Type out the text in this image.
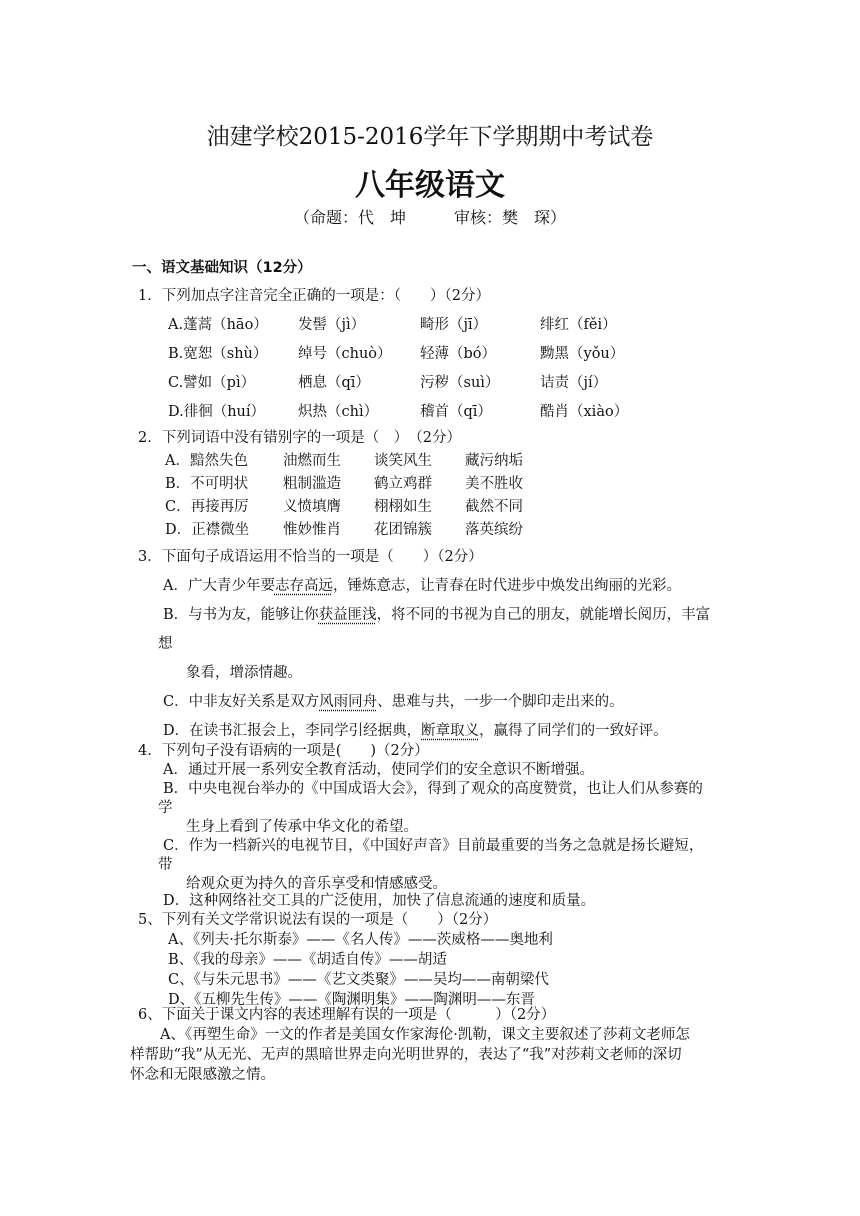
油建学校2015-2016学年下学期期中考试卷
八年级语文
（命题：代　坤　　　审核：樊　琛）
一、语文基础知识（12分）
1．下列加点字注音完全正确的一项是：（　　）（2分）
A.蓬蒿（hāo） 发髻（jì）	畸形（jī）	绯红（fěi）
B.宽恕（shù） 绰号（chuò） 轻薄（bó）	黝黑（yǒu）
C.譬如（pì）	栖息（qī）	污秽（suì）	诘责（jí）
D.徘徊（huí） 炽热（chì）	稽首（qī）	酷肖（xiào）
2．下列词语中没有错别字的一项是（　）　（2分）
A．黯然失色 油燃而生 谈笑风生 藏污纳垢
B．不可明状 粗制滥造 鹤立鸡群 美不胜收
C．再接再厉 义愤填膺 栩栩如生 截然不同
D．正襟微坐 惟妙惟肖 花团锦簇 落英缤纷
3．下面句子成语运用不恰当的一项是（　　）（2分）
A．广大青少年要志存高远，锤炼意志，让青春在时代进步中焕发出绚丽的光彩。
B．与书为友，能够让你获益匪浅，将不同的书视为自己的朋友，就能增长阅历，丰富
想
象看，增添情趣。
C．中非友好关系是双方风雨同舟、患难与共，一步一个脚印走出来的。
D．在读书汇报会上，李同学引经据典，断章取义，赢得了同学们的一致好评。
4．下列句子没有语病的一项是(　　)（2分）
A．通过开展一系列安全教育活动，使同学们的安全意识不断增强。
B．中央电视台举办的《中国成语大会》，得到了观众的高度赞赏，也让人们从参赛的
学
生身上看到了传承中华文化的希望。
C．作为一档新兴的电视节目，《中国好声音》目前最重要的当务之急就是扬长避短，
带
给观众更为持久的音乐享受和情感感受。
D．这种网络社交工具的广泛使用，加快了信息流通的速度和质量。
5、下列有关文学常识说法有误的一项是（　　）（2分）
A、《列夫·托尔斯泰》——《名人传》——茨威格——奥地利
B、《我的母亲》——《胡适自传》——胡适
C、《与朱元思书》——《艺文类聚》——吴均——南朝梁代
D、《五柳先生传》——《陶渊明集》——陶渊明——东晋
6、下面关于课文内容的表述理解有误的一项是（　　　）（2分）
A、《再塑生命》一文的作者是美国女作家海伦·凯勒，课文主要叙述了莎莉文老师怎
样帮助“我”从无光、无声的黑暗世界走向光明世界的，表达了“我”对莎莉文老师的深切
怀念和无限感激之情。
